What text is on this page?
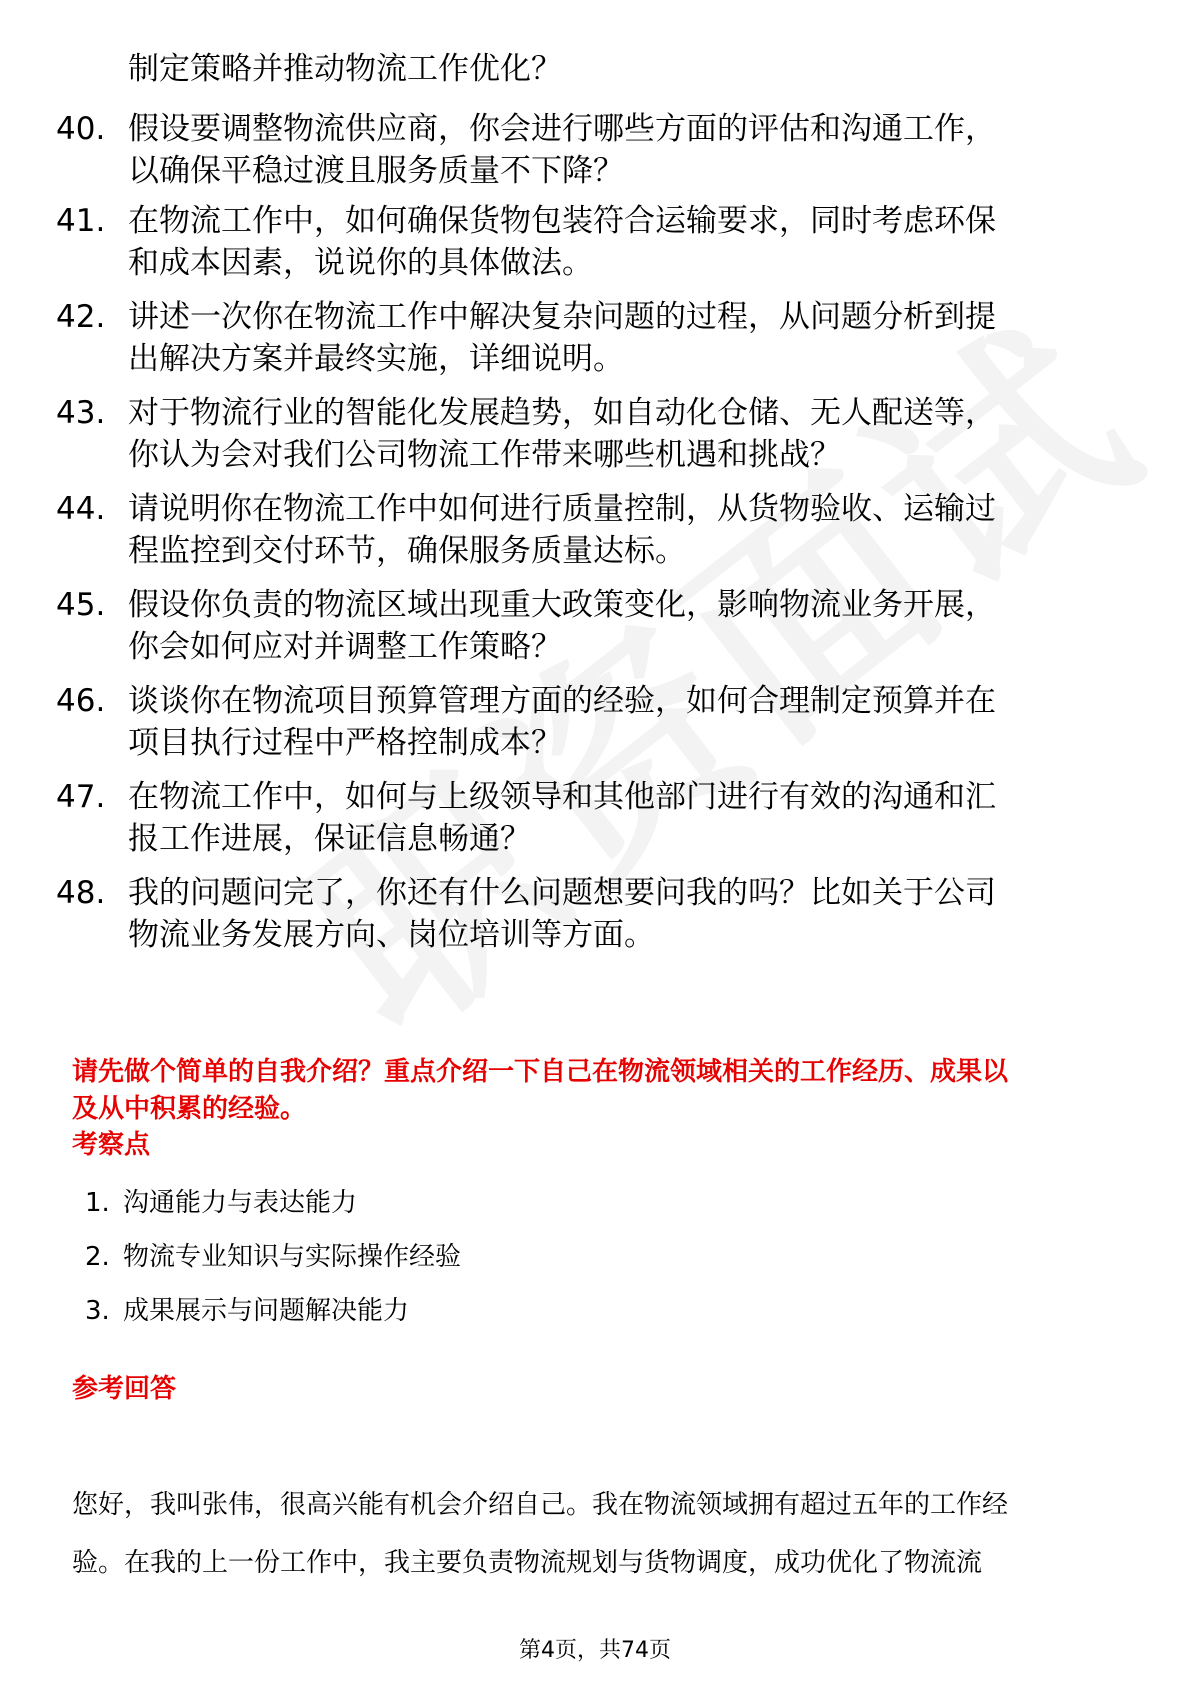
制定策略并推动物流工作优化？
40. 假设要调整物流供应商，你会进行哪些方面的评估和沟通工作，
以确保平稳过渡且服务质量不下降？
41. 在物流工作中，如何确保货物包装符合运输要求，同时考虑环保
和成本因素，说说你的具体做法。
42. 讲述一次你在物流工作中解决复杂问题的过程，从问题分析到提
出解决方案并最终实施，详细说明。
43. 对于物流行业的智能化发展趋势，如自动化仓储、无人配送等，
你认为会对我们公司物流工作带来哪些机遇和挑战？
44. 请说明你在物流工作中如何进行质量控制，从货物验收、运输过
程监控到交付环节，确保服务质量达标。
45. 假设你负责的物流区域出现重大政策变化，影响物流业务开展，
你会如何应对并调整工作策略？
46. 谈谈你在物流项目预算管理方面的经验，如何合理制定预算并在
项目执行过程中严格控制成本？
47. 在物流工作中，如何与上级领导和其他部门进行有效的沟通和汇
报工作进展，保证信息畅通？
48. 我的问题问完了，你还有什么问题想要问我的吗？比如关于公司
物流业务发展方向、岗位培训等方面。
请先做个简单的自我介绍？重点介绍一下自己在物流领域相关的工作经历、成果以
及从中积累的经验。
考察点
1. 沟通能力与表达能力
2. 物流专业知识与实际操作经验
3. 成果展示与问题解决能力
参考回答
您好，我叫张伟，很高兴能有机会介绍自己。我在物流领域拥有超过五年的工作经
验。在我的上一份工作中，我主要负责物流规划与货物调度，成功优化了物流流
第4页，共74页
